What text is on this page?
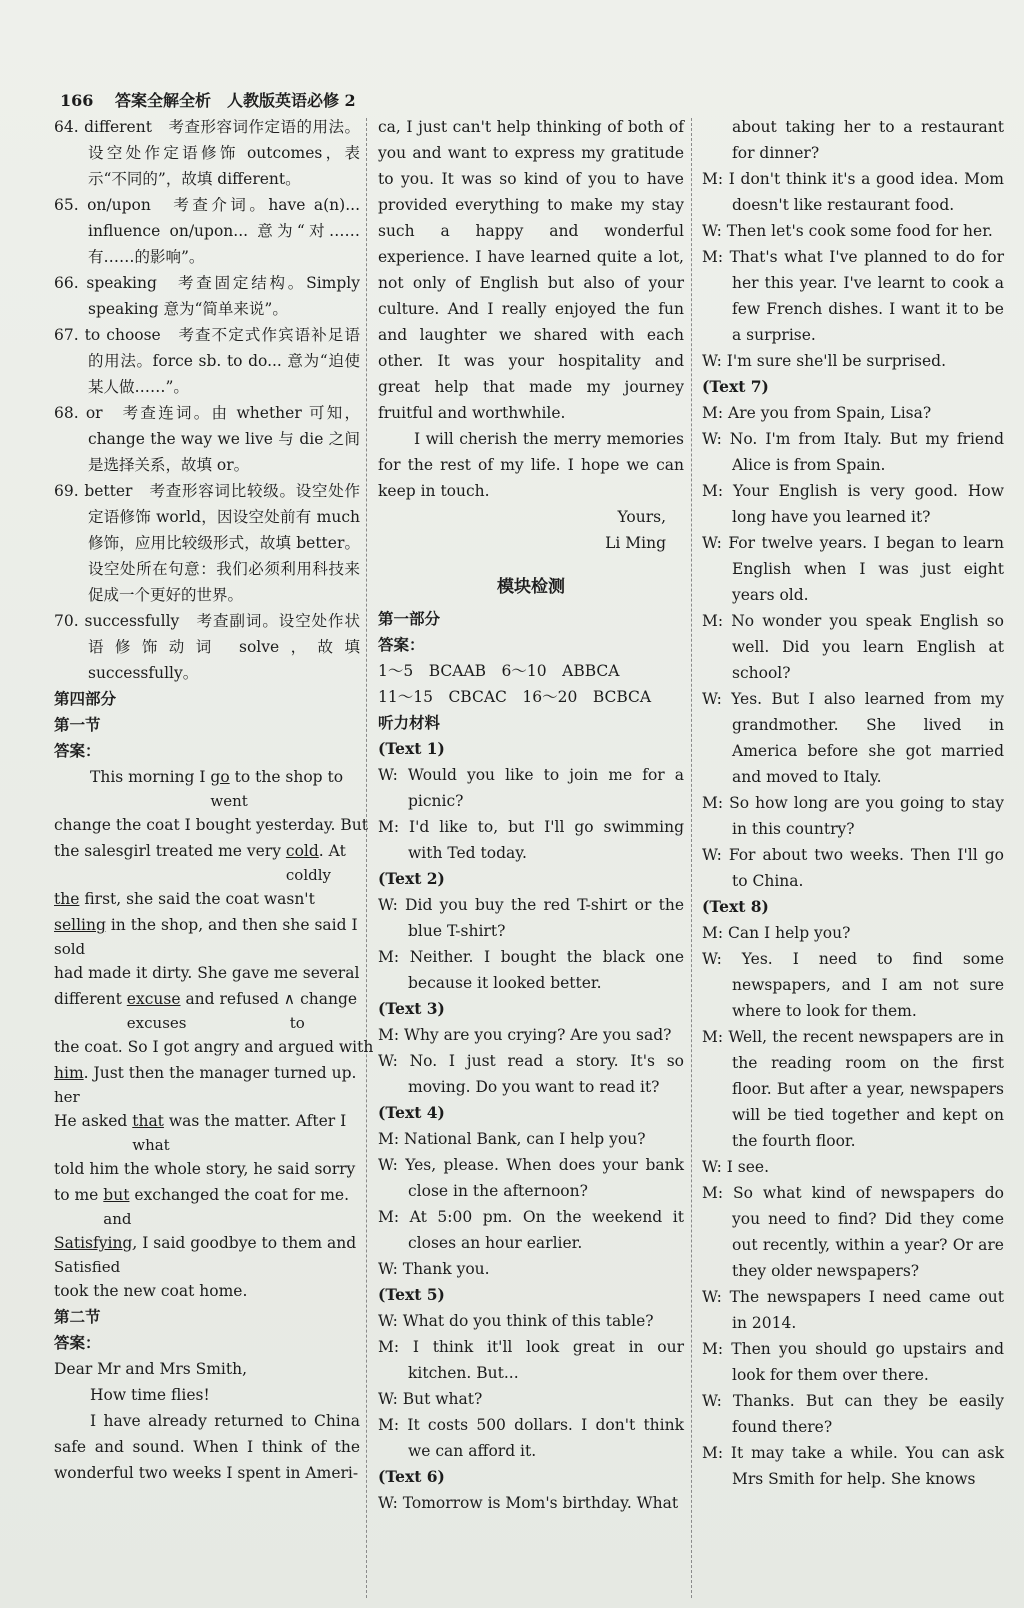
166 答案全解全析　人教版英语必修 2

64. different　考查形容词作定语的用法。设空处作定语修饰 outcomes，表示“不同的”，故填 different。

65. on/upon　考查介词。have a(n)... influence on/upon... 意为“对……有……的影响”。

66. speaking　考查固定结构。Simply speaking 意为“简单来说”。

67. to choose　考查不定式作宾语补足语的用法。force sb. to do... 意为“迫使某人做……”。

68. or　考查连词。由 whether 可知，change the way we live 与 die 之间是选择关系，故填 or。

69. better　考查形容词比较级。设空处作定语修饰 world，因设空处前有 much 修饰，应用比较级形式，故填 better。设空处所在句意：我们必须利用科技来促成一个更好的世界。

70. successfully　考查副词。设空处作状语修饰动词 solve，故填 successfully。

第四部分

第一节

答案：

This morning I go to the shop to

went

change the coat I bought yesterday. But

the salesgirl treated me very cold. At

coldly

the first, she said the coat wasn't

selling in the shop, and then she said I

sold

had made it dirty. She gave me several

different excuse and refused ∧ change

excuses	to

the coat. So I got angry and argued with

him. Just then the manager turned up.

her

He asked that was the matter. After I

what

told him the whole story, he said sorry

to me but exchanged the coat for me.

and

Satisfying, I said goodbye to them and

Satisfied

took the new coat home.

第二节

答案：

Dear Mr and Mrs Smith,

How time flies!

I have already returned to China safe and sound. When I think of the wonderful two weeks I spent in Ameri-

ca, I just can't help thinking of both of you and want to express my gratitude to you. It was so kind of you to have provided everything to make my stay such a happy and wonderful experience. I have learned quite a lot, not only of English but also of your culture. And I really enjoyed the fun and laughter we shared with each other. It was your hospitality and great help that made my journey fruitful and worthwhile.

I will cherish the merry memories for the rest of my life. I hope we can keep in touch.

Yours,

Li Ming

模块检测

第一部分

答案：

1～5　BCAAB　6～10　ABBCA

11～15　CBCAC　16～20　BCBCA

听力材料

(Text 1)

W: Would you like to join me for a picnic?

M: I'd like to, but I'll go swimming with Ted today.

(Text 2)

W: Did you buy the red T-shirt or the blue T-shirt?

M: Neither. I bought the black one because it looked better.

(Text 3)

M: Why are you crying? Are you sad?

W: No. I just read a story. It's so moving. Do you want to read it?

(Text 4)

M: National Bank, can I help you?

W: Yes, please. When does your bank close in the afternoon?

M: At 5:00 pm. On the weekend it closes an hour earlier.

W: Thank you.

(Text 5)

W: What do you think of this table?

M: I think it'll look great in our kitchen. But...

W: But what?

M: It costs 500 dollars. I don't think we can afford it.

(Text 6)

W: Tomorrow is Mom's birthday. What

about taking her to a restaurant for dinner?

M: I don't think it's a good idea. Mom doesn't like restaurant food.

W: Then let's cook some food for her.

M: That's what I've planned to do for her this year. I've learnt to cook a few French dishes. I want it to be a surprise.

W: I'm sure she'll be surprised.

(Text 7)

M: Are you from Spain, Lisa?

W: No. I'm from Italy. But my friend Alice is from Spain.

M: Your English is very good. How long have you learned it?

W: For twelve years. I began to learn English when I was just eight years old.

M: No wonder you speak English so well. Did you learn English at school?

W: Yes. But I also learned from my grandmother. She lived in America before she got married and moved to Italy.

M: So how long are you going to stay in this country?

W: For about two weeks. Then I'll go to China.

(Text 8)

M: Can I help you?

W: Yes. I need to find some newspapers, and I am not sure where to look for them.

M: Well, the recent newspapers are in the reading room on the first floor. But after a year, newspapers will be tied together and kept on the fourth floor.

W: I see.

M: So what kind of newspapers do you need to find? Did they come out recently, within a year? Or are they older newspapers?

W: The newspapers I need came out in 2014.

M: Then you should go upstairs and look for them over there.

W: Thanks. But can they be easily found there?

M: It may take a while. You can ask Mrs Smith for help. She knows
